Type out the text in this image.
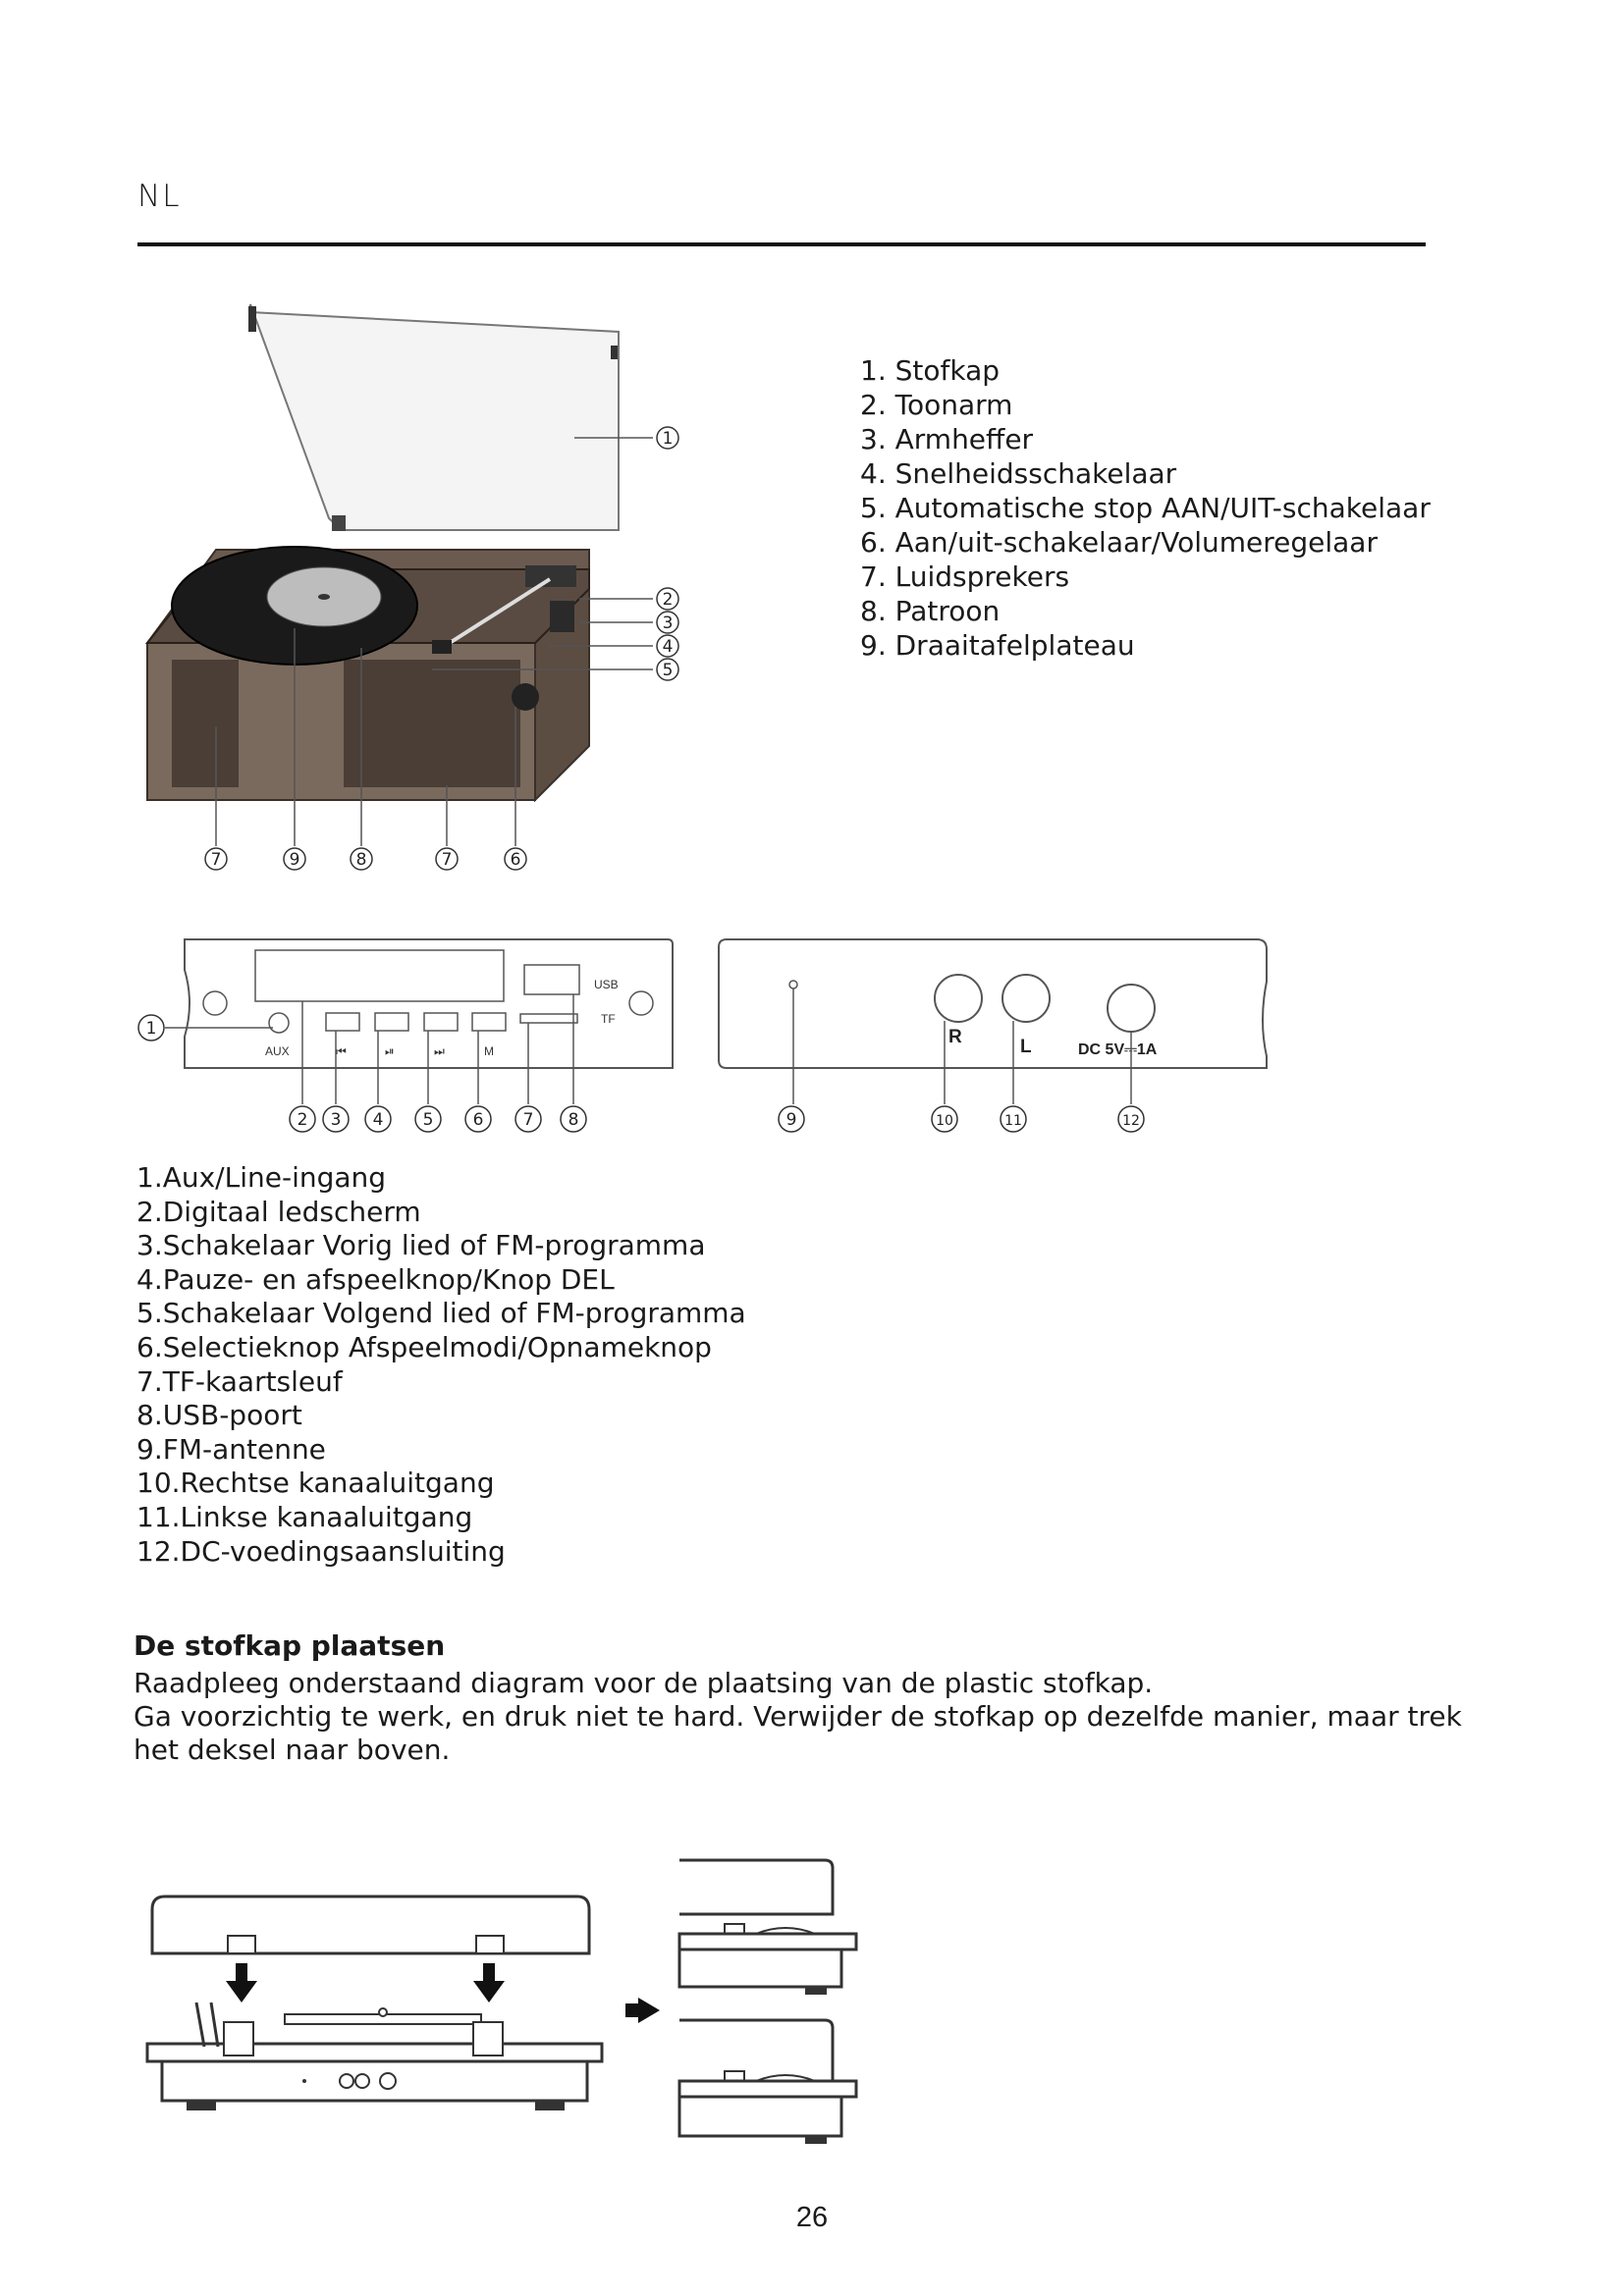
NL
1
2
3
4
5
7	9	8	7	6
USB
TF
AUX	⏮	⏯	⏭	M
1
2 3 4 5 6 7 8
R	L	DC 5V⎓1A
9	10	11	12
1. Stofkap
2. Toonarm
3. Armheffer
4. Snelheidsschakelaar
5. Automatische stop AAN/UIT-schakelaar
6. Aan/uit-schakelaar/Volumeregelaar
7. Luidsprekers
8. Patroon
9. Draaitafelplateau
1.Aux/Line-ingang
2.Digitaal ledscherm
3.Schakelaar Vorig lied of FM-programma
4.Pauze- en afspeelknop/Knop DEL
5.Schakelaar Volgend lied of FM-programma
6.Selectieknop Afspeelmodi/Opnameknop
7.TF-kaartsleuf
8.USB-poort
9.FM-antenne
10.Rechtse kanaaluitgang
11.Linkse kanaaluitgang
12.DC-voedingsaansluiting
De stofkap plaatsen

Raadpleeg onderstaand diagram voor de plaatsing van de plastic stofkap.

Ga voorzichtig te werk, en druk niet te hard. Verwijder de stofkap op dezelfde manier, maar trek het deksel naar boven.

26
